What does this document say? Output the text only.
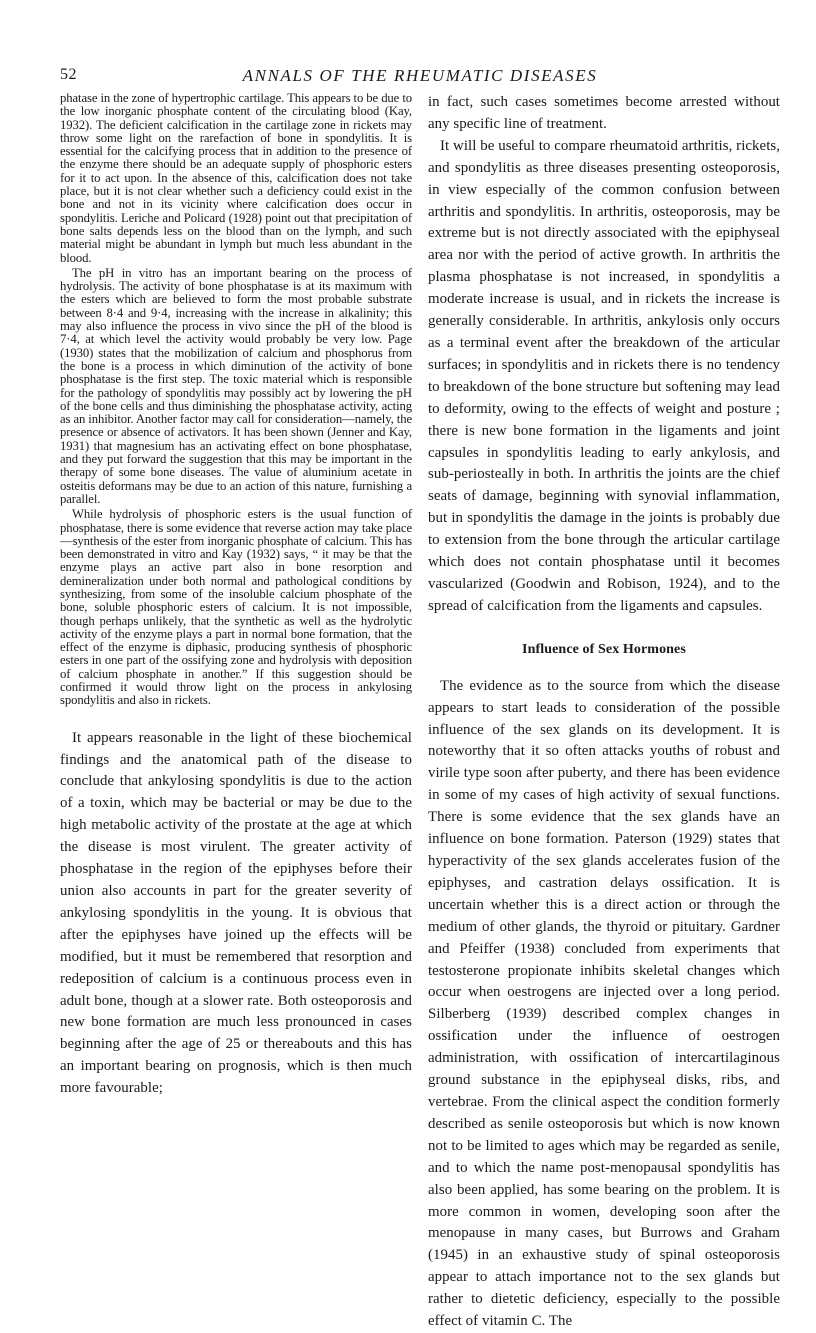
52	ANNALS OF THE RHEUMATIC DISEASES

phatase in the zone of hypertrophic cartilage. This appears to be due to the low inorganic phosphate content of the circulating blood (Kay, 1932). The deficient calcification in the cartilage zone in rickets may throw some light on the rarefaction of bone in spondylitis. It is essential for the calcifying process that in addition to the presence of the enzyme there should be an adequate supply of phosphoric esters for it to act upon. In the absence of this, calcification does not take place, but it is not clear whether such a deficiency could exist in the bone and not in its vicinity where calcification does occur in spondylitis. Leriche and Policard (1928) point out that precipitation of bone salts depends less on the blood than on the lymph, and such material might be abundant in lymph but much less abundant in the blood.

The pH in vitro has an important bearing on the process of hydrolysis. The activity of bone phosphatase is at its maximum with the esters which are believed to form the most probable substrate between 8·4 and 9·4, increasing with the increase in alkalinity; this may also influence the process in vivo since the pH of the blood is 7·4, at which level the activity would probably be very low. Page (1930) states that the mobilization of calcium and phosphorus from the bone is a process in which diminution of the activity of bone phosphatase is the first step. The toxic material which is responsible for the pathology of spondylitis may possibly act by lowering the pH of the bone cells and thus diminishing the phosphatase activity, acting as an inhibitor. Another factor may call for consideration—namely, the presence or absence of activators. It has been shown (Jenner and Kay, 1931) that magnesium has an activating effect on bone phosphatase, and they put forward the suggestion that this may be important in the therapy of some bone diseases. The value of aluminium acetate in osteitis deformans may be due to an action of this nature, furnishing a parallel.

While hydrolysis of phosphoric esters is the usual function of phosphatase, there is some evidence that reverse action may take place—synthesis of the ester from inorganic phosphate of calcium. This has been demonstrated in vitro and Kay (1932) says, “ it may be that the enzyme plays an active part also in bone resorption and demineralization under both normal and pathological conditions by synthesizing, from some of the insoluble calcium phosphate of the bone, soluble phosphoric esters of calcium. It is not impossible, though perhaps unlikely, that the synthetic as well as the hydrolytic activity of the enzyme plays a part in normal bone formation, that the effect of the enzyme is diphasic, producing synthesis of phosphoric esters in one part of the ossifying zone and hydrolysis with deposition of calcium phosphate in another.” If this suggestion should be confirmed it would throw light on the process in ankylosing spondylitis and also in rickets.

It appears reasonable in the light of these biochemical findings and the anatomical path of the disease to conclude that ankylosing spondylitis is due to the action of a toxin, which may be bacterial or may be due to the high metabolic activity of the prostate at the age at which the disease is most virulent. The greater activity of phosphatase in the region of the epiphyses before their union also accounts in part for the greater severity of ankylosing spondylitis in the young. It is obvious that after the epiphyses have joined up the effects will be modified, but it must be remembered that resorption and redeposition of calcium is a continuous process even in adult bone, though at a slower rate. Both osteoporosis and new bone formation are much less pronounced in cases beginning after the age of 25 or thereabouts and this has an important bearing on prognosis, which is then much more favourable;

in fact, such cases sometimes become arrested without any specific line of treatment.

It will be useful to compare rheumatoid arthritis, rickets, and spondylitis as three diseases presenting osteoporosis, in view especially of the common confusion between arthritis and spondylitis. In arthritis, osteoporosis, may be extreme but is not directly associated with the epiphyseal area nor with the period of active growth. In arthritis the plasma phosphatase is not increased, in spondylitis a moderate increase is usual, and in rickets the increase is generally considerable. In arthritis, ankylosis only occurs as a terminal event after the breakdown of the articular surfaces; in spondylitis and in rickets there is no tendency to breakdown of the bone structure but softening may lead to deformity, owing to the effects of weight and posture ; there is new bone formation in the ligaments and joint capsules in spondylitis leading to early ankylosis, and sub-periosteally in both. In arthritis the joints are the chief seats of damage, beginning with synovial inflammation, but in spondylitis the damage in the joints is probably due to extension from the bone through the articular cartilage which does not contain phosphatase until it becomes vascularized (Goodwin and Robison, 1924), and to the spread of calcification from the ligaments and capsules.

Influence of Sex Hormones

The evidence as to the source from which the disease appears to start leads to consideration of the possible influence of the sex glands on its development. It is noteworthy that it so often attacks youths of robust and virile type soon after puberty, and there has been evidence in some of my cases of high activity of sexual functions. There is some evidence that the sex glands have an influence on bone formation. Paterson (1929) states that hyperactivity of the sex glands accelerates fusion of the epiphyses, and castration delays ossification. It is uncertain whether this is a direct action or through the medium of other glands, the thyroid or pituitary. Gardner and Pfeiffer (1938) concluded from experiments that testosterone propionate inhibits skeletal changes which occur when oestrogens are injected over a long period. Silberberg (1939) described complex changes in ossification under the influence of oestrogen administration, with ossification of intercartilaginous ground substance in the epiphyseal disks, ribs, and vertebrae. From the clinical aspect the condition formerly described as senile osteoporosis but which is now known not to be limited to ages which may be regarded as senile, and to which the name post-menopausal spondylitis has also been applied, has some bearing on the problem. It is more common in women, developing soon after the menopause in many cases, but Burrows and Graham (1945) in an exhaustive study of spinal osteoporosis appear to attach importance not to the sex glands but rather to dietetic deficiency, especially to the possible effect of vitamin C. The
